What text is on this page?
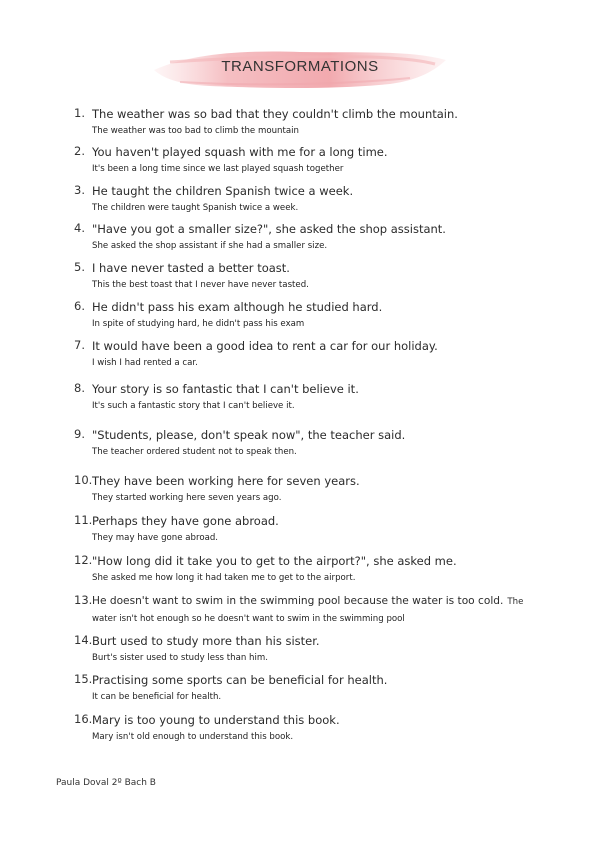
TRANSFORMATIONS
1. The weather was so bad that they couldn't climb the mountain.
The weather was too bad to climb the mountain
2. You haven't played squash with me for a long time.
It's been a long time since we last played squash together
3. He taught the children Spanish twice a week.
The children were taught Spanish twice a week.
4. "Have you got a smaller size?", she asked the shop assistant.
She asked the shop assistant if she had a smaller size.
5. I have never tasted a better toast.
This the best toast that I never have never tasted.
6. He didn't pass his exam although he studied hard.
In spite of studying hard, he didn't pass his exam
7. It would have been a good idea to rent a car for our holiday.
I wish I had rented a car.
8. Your story is so fantastic that I can't believe it.
It's such a fantastic story that I can't believe it.
9. "Students, please, don't speak now", the teacher said.
The teacher ordered student not to speak then.
10. They have been working here for seven years.
They started working here seven years ago.
11. Perhaps they have gone abroad.
They may have gone abroad.
12. "How long did it take you to get to the airport?", she asked me.
She asked me how long it had taken me to get to the airport.
13. He doesn't want to swim in the swimming pool because the water is too cold. The
water isn't hot enough so he doesn't want to swim in the swimming pool
14. Burt used to study more than his sister.
Burt's sister used to study less than him.
15. Practising some sports can be beneficial for health.
It can be beneficial for health.
16. Mary is too young to understand this book.
Mary isn't old enough to understand this book.
Paula Doval 2º Bach B
